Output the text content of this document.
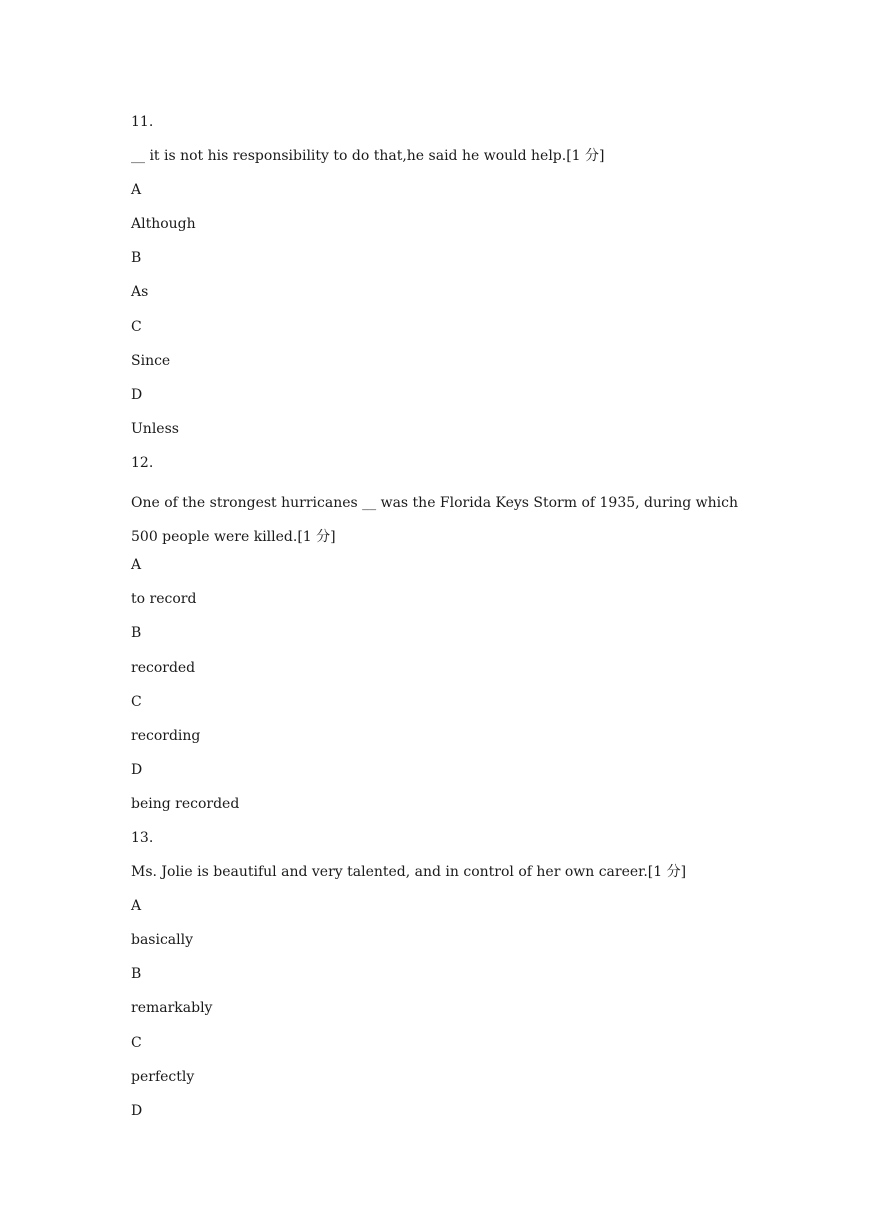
11.
__ it is not his responsibility to do that,he said he would help.[1 分]
A
Although
B
As
C
Since
D
Unless
12.
One of the strongest hurricanes __ was the Florida Keys Storm of 1935, during which 500 people were killed.[1 分]
A
to record
B
recorded
C
recording
D
being recorded
13.
Ms. Jolie is beautiful and very talented, and in control of her own career.[1 分]
A
basically
B
remarkably
C
perfectly
D
